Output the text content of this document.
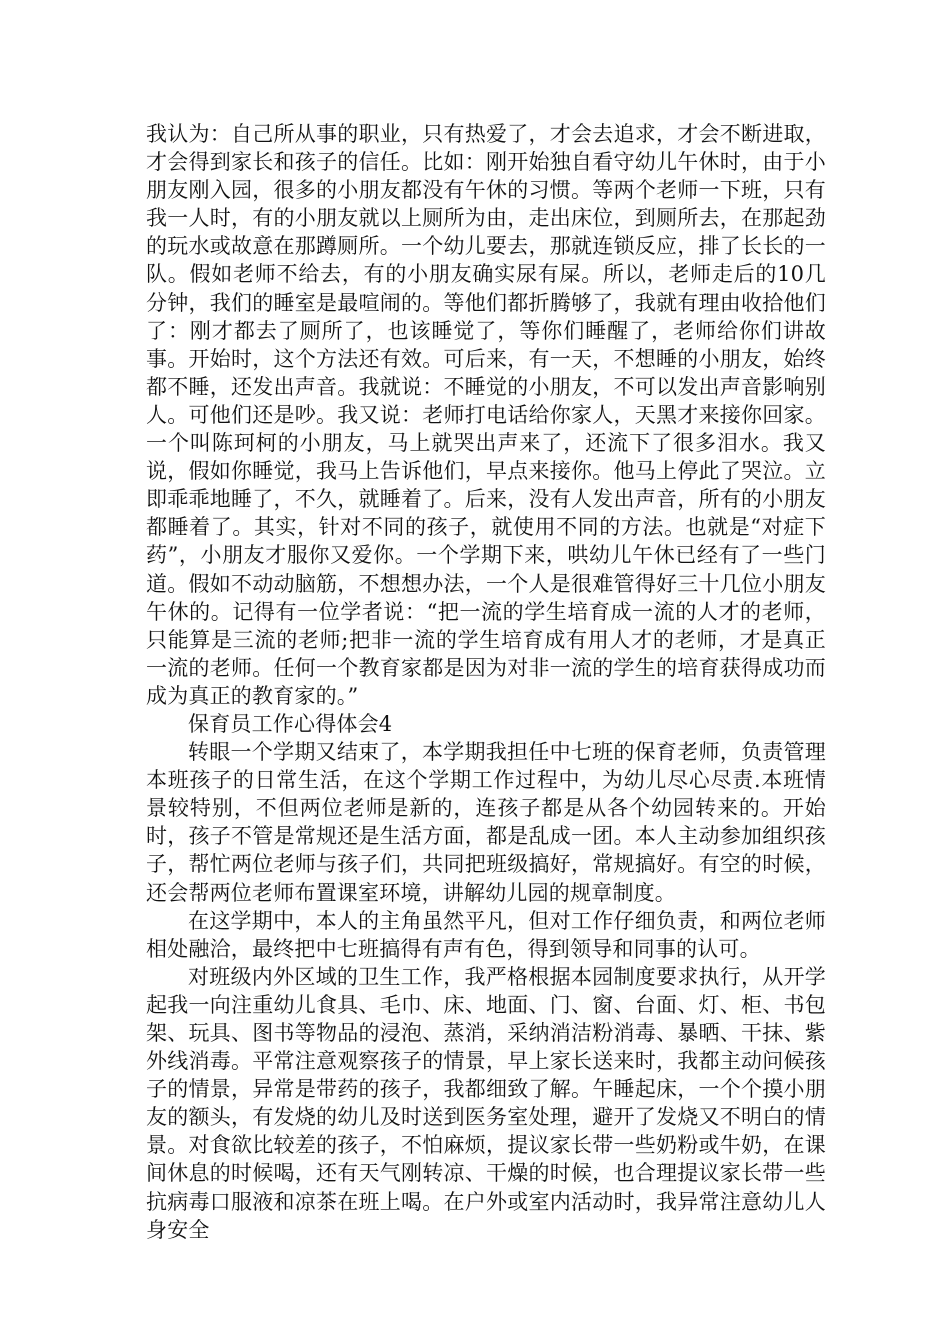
我认为：自己所从事的职业，只有热爱了，才会去追求，才会不断进取，才会得到家长和孩子的信任。比如：刚开始独自看守幼儿午休时，由于小朋友刚入园，很多的小朋友都没有午休的习惯。等两个老师一下班，只有我一人时，有的小朋友就以上厕所为由，走出床位，到厕所去，在那起劲的玩水或故意在那蹲厕所。一个幼儿要去，那就连锁反应，排了长长的一队。假如老师不给去，有的小朋友确实尿有屎。所以，老师走后的10几分钟，我们的睡室是最喧闹的。等他们都折腾够了，我就有理由收拾他们了：刚才都去了厕所了，也该睡觉了，等你们睡醒了，老师给你们讲故事。开始时，这个方法还有效。可后来，有一天，不想睡的小朋友，始终都不睡，还发出声音。我就说：不睡觉的小朋友，不可以发出声音影响别人。可他们还是吵。我又说：老师打电话给你家人，天黑才来接你回家。一个叫陈珂柯的小朋友，马上就哭出声来了，还流下了很多泪水。我又说，假如你睡觉，我马上告诉他们，早点来接你。他马上停此了哭泣。立即乖乖地睡了，不久，就睡着了。后来，没有人发出声音，所有的小朋友都睡着了。其实，针对不同的孩子，就使用不同的方法。也就是“对症下药”，小朋友才服你又爱你。一个学期下来，哄幼儿午休已经有了一些门道。假如不动动脑筋，不想想办法，一个人是很难管得好三十几位小朋友午休的。记得有一位学者说：“把一流的学生培育成一流的人才的老师，只能算是三流的老师;把非一流的学生培育成有用人才的老师，才是真正一流的老师。任何一个教育家都是因为对非一流的学生的培育获得成功而成为真正的教育家的。”

保育员工作心得体会4

转眼一个学期又结束了，本学期我担任中七班的保育老师，负责管理本班孩子的日常生活，在这个学期工作过程中，为幼儿尽心尽责.本班情景较特别，不但两位老师是新的，连孩子都是从各个幼园转来的。开始时，孩子不管是常规还是生活方面，都是乱成一团。本人主动参加组织孩子，帮忙两位老师与孩子们，共同把班级搞好，常规搞好。有空的时候，还会帮两位老师布置课室环境，讲解幼儿园的规章制度。

在这学期中，本人的主角虽然平凡，但对工作仔细负责，和两位老师相处融洽，最终把中七班搞得有声有色，得到领导和同事的认可。

对班级内外区域的卫生工作，我严格根据本园制度要求执行，从开学起我一向注重幼儿食具、毛巾、床、地面、门、窗、台面、灯、柜、书包架、玩具、图书等物品的浸泡、蒸消，采纳消洁粉消毒、暴晒、干抹、紫外线消毒。平常注意观察孩子的情景，早上家长送来时，我都主动问候孩子的情景，异常是带药的孩子，我都细致了解。午睡起床，一个个摸小朋友的额头，有发烧的幼儿及时送到医务室处理，避开了发烧又不明白的情景。对食欲比较差的孩子，不怕麻烦，提议家长带一些奶粉或牛奶，在课间休息的时候喝，还有天气刚转凉、干燥的时候，也合理提议家长带一些抗病毒口服液和凉茶在班上喝。在户外或室内活动时，我异常注意幼儿人身安全
